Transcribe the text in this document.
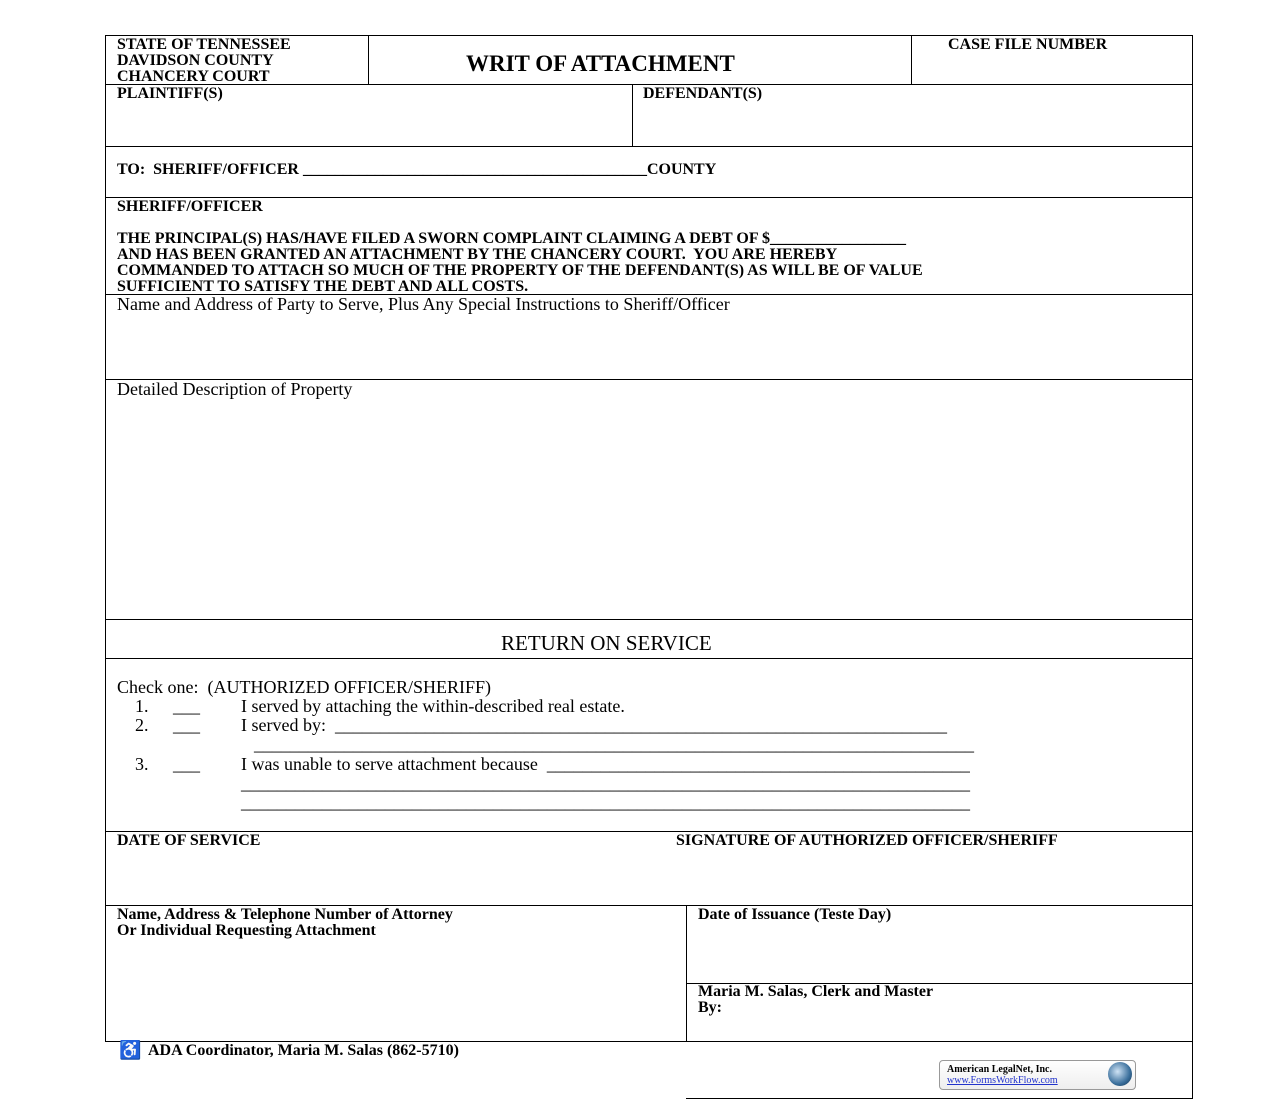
STATE OF TENNESSEE
DAVIDSON COUNTY
CHANCERY COURT
WRIT OF ATTACHMENT
CASE FILE NUMBER
PLAINTIFF(S)	DEFENDANT(S)
TO:  SHERIFF/OFFICER ___________________________________________COUNTY
SHERIFF/OFFICER
THE PRINCIPAL(S) HAS/HAVE FILED A SWORN COMPLAINT CLAIMING A DEBT OF $_________________
AND HAS BEEN GRANTED AN ATTACHMENT BY THE CHANCERY COURT.  YOU ARE HEREBY
COMMANDED TO ATTACH SO MUCH OF THE PROPERTY OF THE DEFENDANT(S) AS WILL BE OF VALUE
SUFFICIENT TO SATISFY THE DEBT AND ALL COSTS.
Name and Address of Party to Serve, Plus Any Special Instructions to Sheriff/Officer
Detailed Description of Property
RETURN ON SERVICE
Check one:  (AUTHORIZED OFFICER/SHERIFF)
1. ___ I served by attaching the within-described real estate.
2. ___ I served by:  ____________________________________________________________________
________________________________________________________________________________
3. ___ I was unable to serve attachment because  _______________________________________________
_________________________________________________________________________________
_________________________________________________________________________________
DATE OF SERVICE	SIGNATURE OF AUTHORIZED OFFICER/SHERIFF
Name, Address & Telephone Number of Attorney
Or Individual Requesting Attachment
Date of Issuance (Teste Day)
Maria M. Salas, Clerk and Master
By:
♿ ADA Coordinator, Maria M. Salas (862-5710)
American LegalNet, Inc.
www.FormsWorkFlow.com
